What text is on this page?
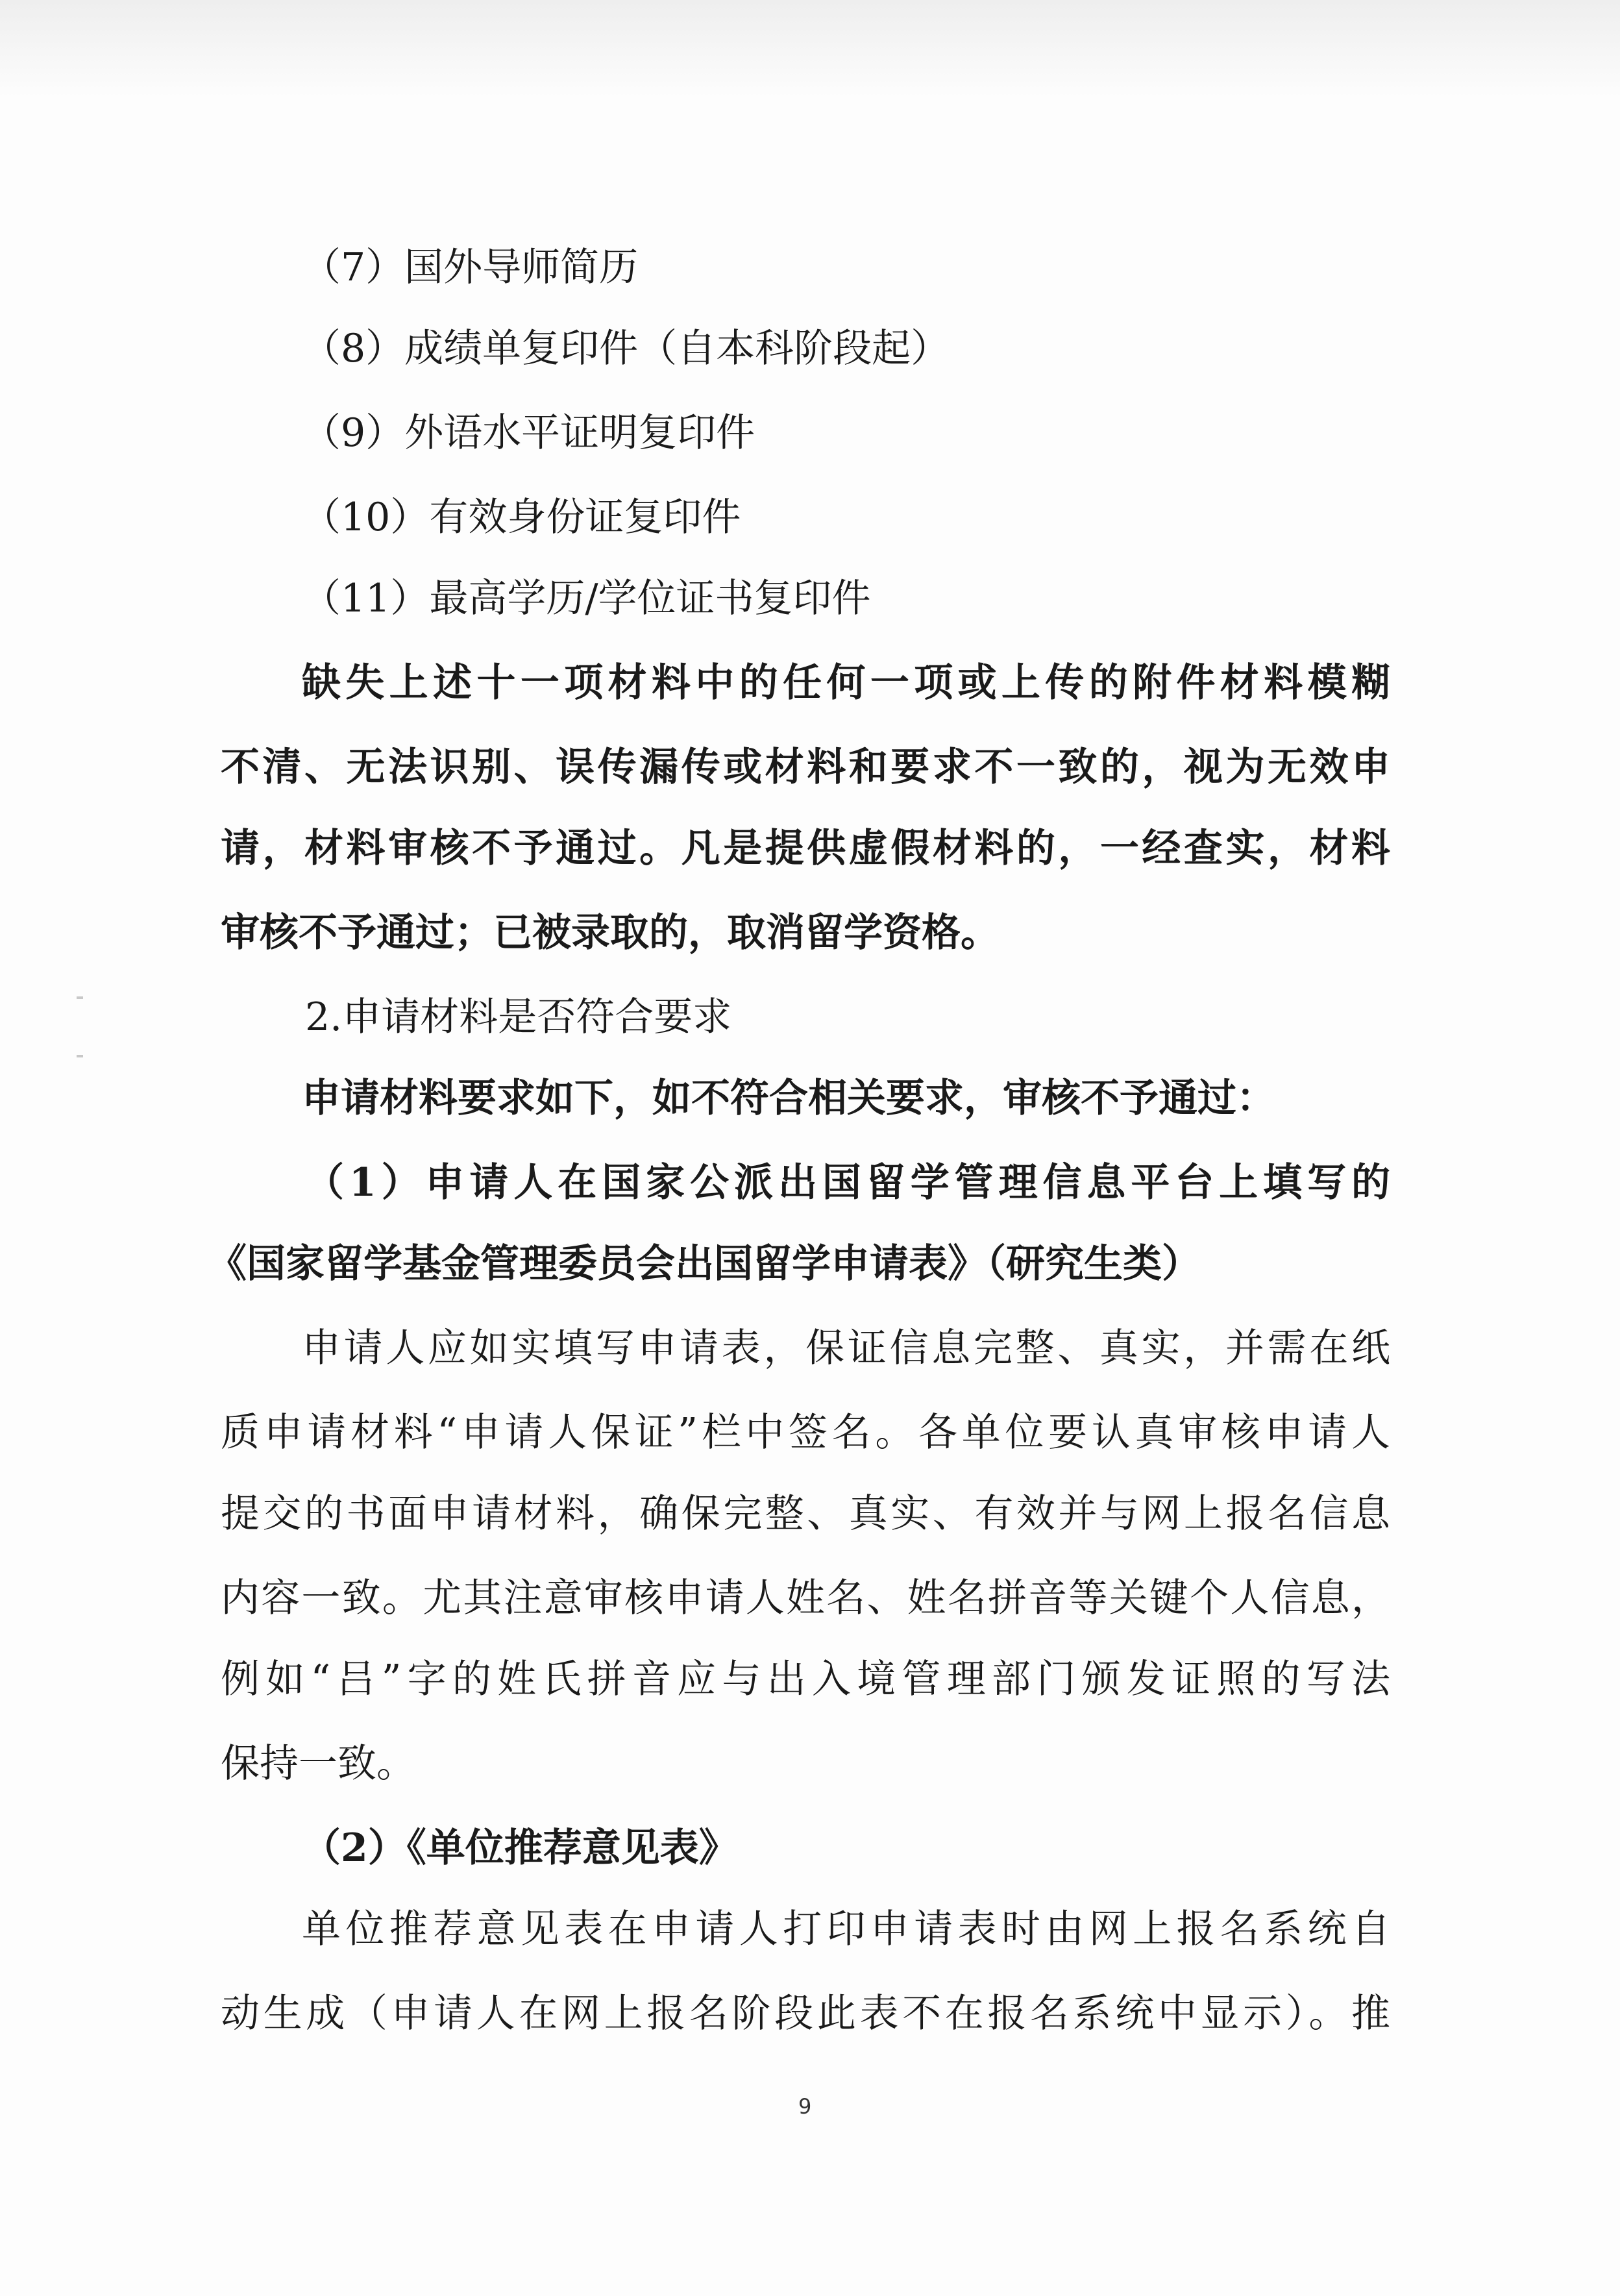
（7）国外导师简历
（8）成绩单复印件（自本科阶段起）
（9）外语水平证明复印件
（10）有效身份证复印件
（11）最高学历/学位证书复印件
缺失上述十一项材料中的任何一项或上传的附件材料模糊
不清、无法识别、误传漏传或材料和要求不一致的，视为无效申
请，材料审核不予通过。凡是提供虚假材料的，一经查实，材料
审核不予通过；已被录取的，取消留学资格。
2.申请材料是否符合要求
申请材料要求如下，如不符合相关要求，审核不予通过：
（1）申请人在国家公派出国留学管理信息平台上填写的
《国家留学基金管理委员会出国留学申请表》（研究生类）
申请人应如实填写申请表，保证信息完整、真实，并需在纸
质申请材料“申请人保证”栏中签名。各单位要认真审核申请人
提交的书面申请材料，确保完整、真实、有效并与网上报名信息
内容一致。尤其注意审核申请人姓名、姓名拼音等关键个人信息，
例如“吕”字的姓氏拼音应与出入境管理部门颁发证照的写法
保持一致。
（2）《单位推荐意见表》
单位推荐意见表在申请人打印申请表时由网上报名系统自
动生成（申请人在网上报名阶段此表不在报名系统中显示）。推
9
